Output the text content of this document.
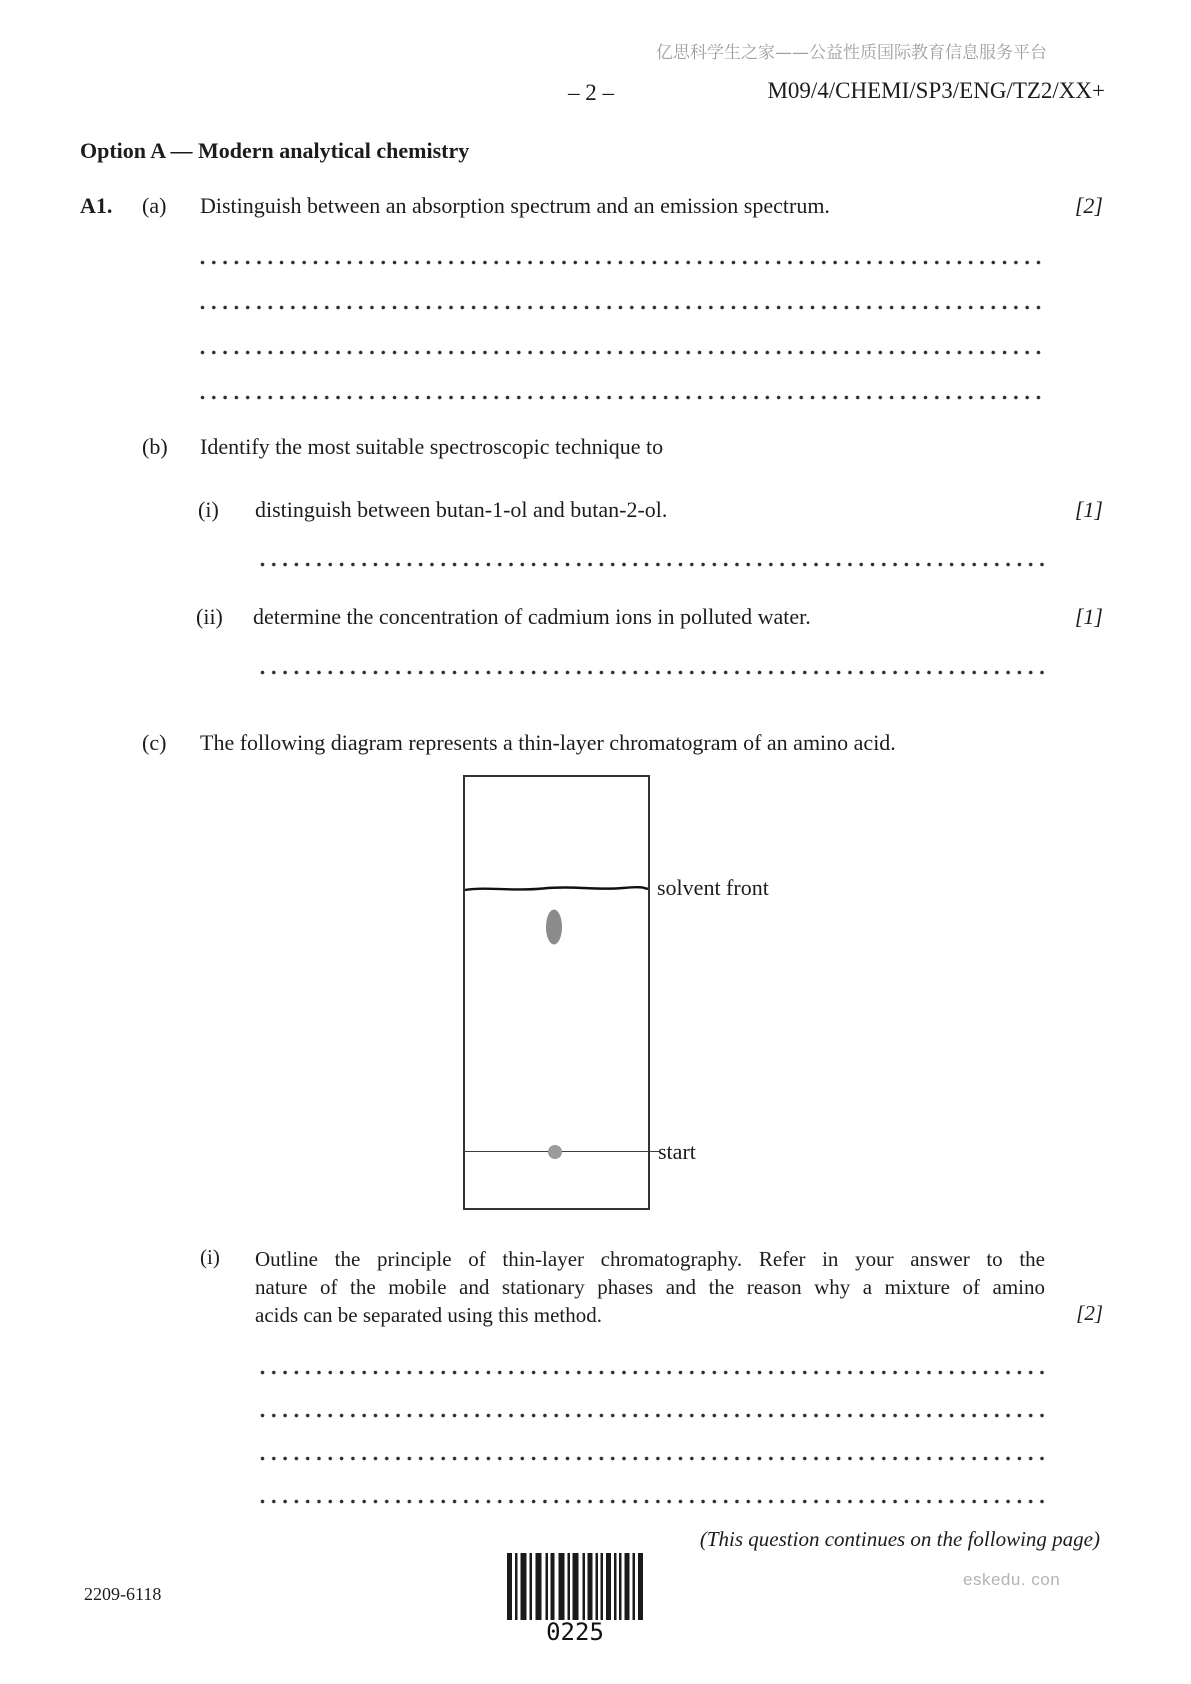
亿思科学生之家——公益性质国际教育信息服务平台
– 2 –	M09/4/CHEMI/SP3/ENG/TZ2/XX+
Option A — Modern analytical chemistry
A1. (a) Distinguish between an absorption spectrum and an emission spectrum.	[2]
(b) Identify the most suitable spectroscopic technique to
(i) distinguish between butan-1-ol and butan-2-ol.	[1]
(ii) determine the concentration of cadmium ions in polluted water.	[1]
(c) The following diagram represents a thin-layer chromatogram of an amino acid.
solvent front
start
(i) Outline the principle of thin-layer chromatography. Refer in your answer to the
nature of the mobile and stationary phases and the reason why a mixture of amino
acids can be separated using this method.	[2]
(This question continues on the following page)
2209-6118
0225
eskedu. con
